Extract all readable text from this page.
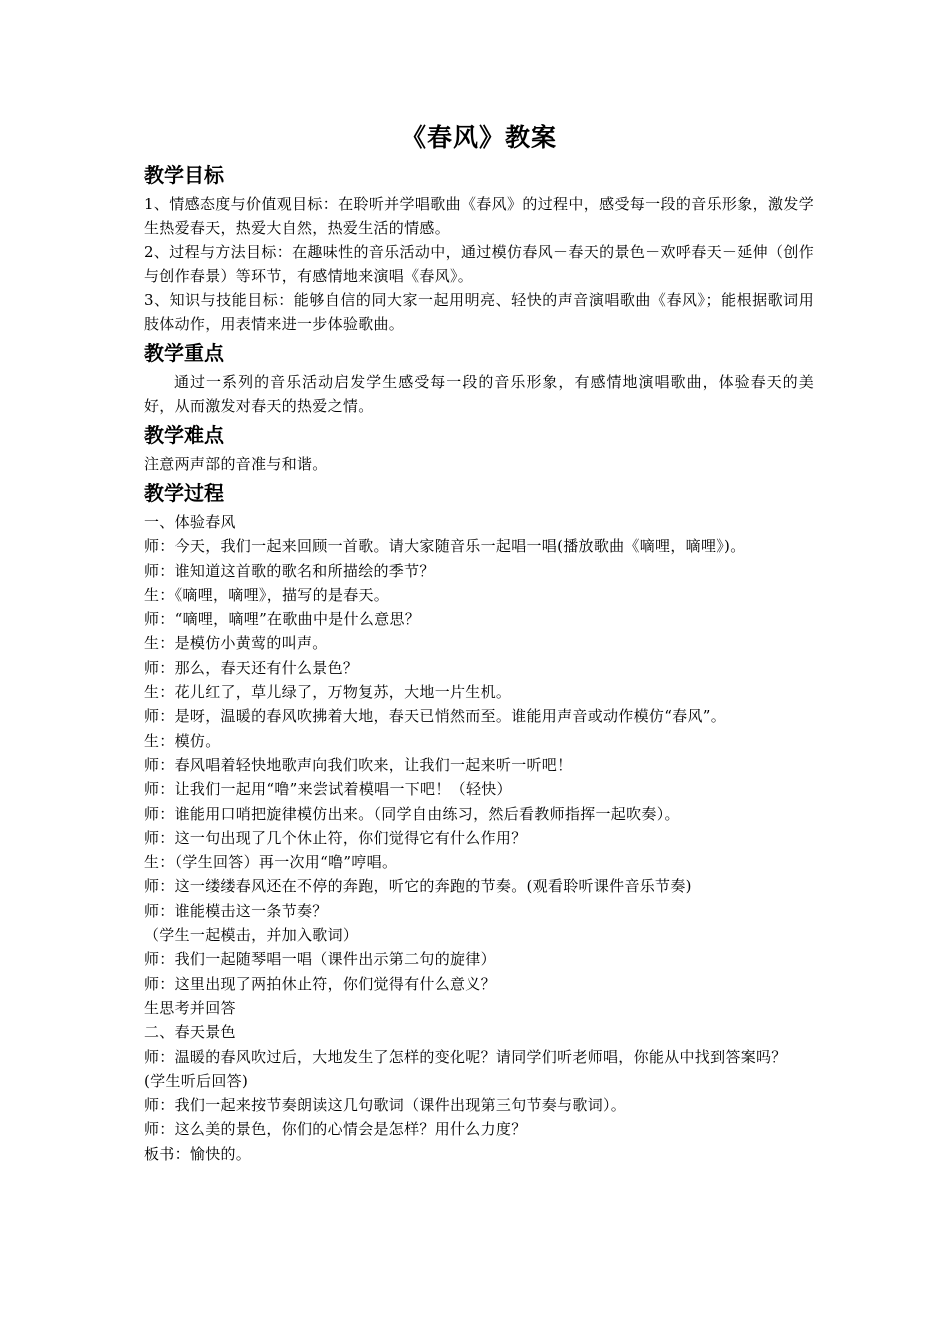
《春风》教案
教学目标

1、情感态度与价值观目标：在聆听并学唱歌曲《春风》的过程中，感受每一段的音乐形象，激发学生热爱春天，热爱大自然，热爱生活的情感。

2、过程与方法目标：在趣味性的音乐活动中，通过模仿春风－春天的景色－欢呼春天－延伸（创作与创作春景）等环节，有感情地来演唱《春风》。

3、知识与技能目标：能够自信的同大家一起用明亮、轻快的声音演唱歌曲《春风》；能根据歌词用肢体动作，用表情来进一步体验歌曲。

教学重点

通过一系列的音乐活动启发学生感受每一段的音乐形象，有感情地演唱歌曲，体验春天的美好，从而激发对春天的热爱之情。

教学难点

注意两声部的音准与和谐。

教学过程

一、体验春风

师：今天，我们一起来回顾一首歌。请大家随音乐一起唱一唱(播放歌曲《嘀哩，嘀哩》)。

师：谁知道这首歌的歌名和所描绘的季节？

生：《嘀哩，嘀哩》，描写的是春天。

师：“嘀哩，嘀哩”在歌曲中是什么意思？

生：是模仿小黄莺的叫声。

师：那么，春天还有什么景色？

生：花儿红了，草儿绿了，万物复苏，大地一片生机。

师：是呀，温暖的春风吹拂着大地，春天已悄然而至。谁能用声音或动作模仿“春风”。

生：模仿。

师：春风唱着轻快地歌声向我们吹来，让我们一起来听一听吧！

师：让我们一起用“噜”来尝试着模唱一下吧！（轻快）

师：谁能用口哨把旋律模仿出来。（同学自由练习，然后看教师指挥一起吹奏）。

师：这一句出现了几个休止符，你们觉得它有什么作用？

生：（学生回答）再一次用“噜”哼唱。

师：这一缕缕春风还在不停的奔跑，听它的奔跑的节奏。(观看聆听课件音乐节奏)

师：谁能模击这一条节奏？

（学生一起模击，并加入歌词）

师：我们一起随琴唱一唱（课件出示第二句的旋律）

师：这里出现了两拍休止符，你们觉得有什么意义？

生思考并回答

二、春天景色

师：温暖的春风吹过后，大地发生了怎样的变化呢？请同学们听老师唱，你能从中找到答案吗？

(学生听后回答)

师：我们一起来按节奏朗读这几句歌词（课件出现第三句节奏与歌词）。

师：这么美的景色，你们的心情会是怎样？用什么力度？

板书：愉快的。
